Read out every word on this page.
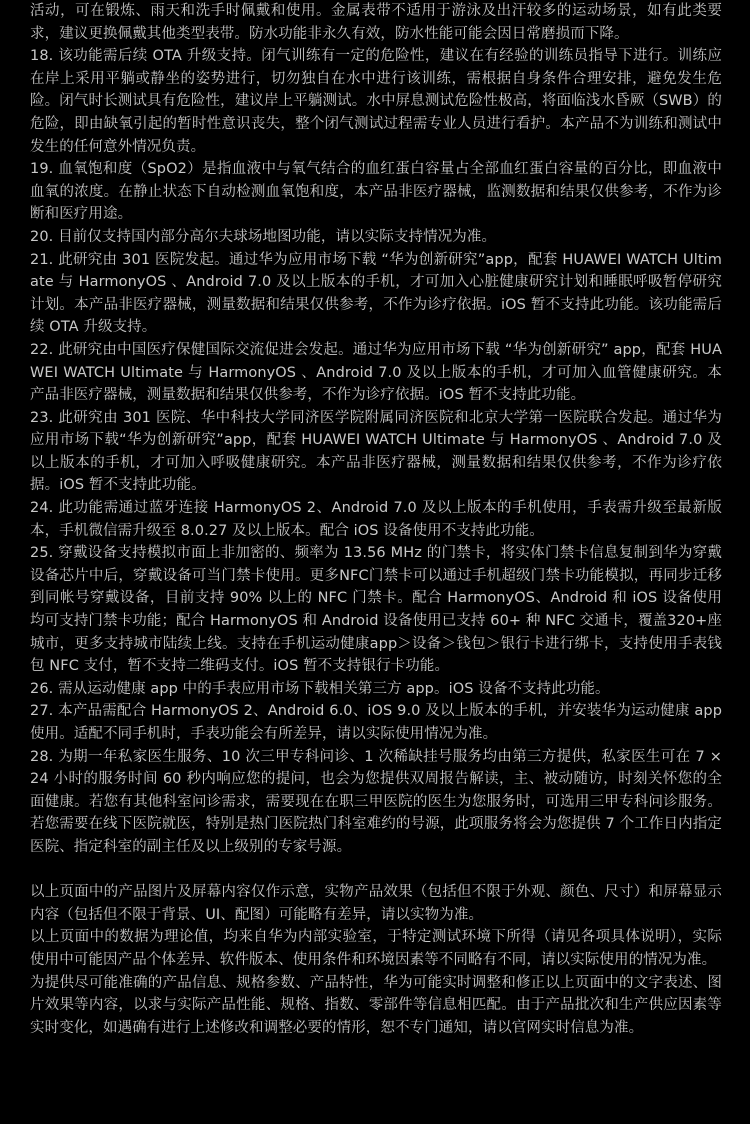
活动，可在锻炼、雨天和洗手时佩戴和使用。金属表带不适用于游泳及出汗较多的运动场景，如有此类要求，建议更换佩戴其他类型表带。防水功能非永久有效，防水性能可能会因日常磨损而下降。

18. 该功能需后续 OTA 升级支持。闭气训练有一定的危险性，建议在有经验的训练员指导下进行。训练应在岸上采用平躺或静坐的姿势进行，切勿独自在水中进行该训练，需根据自身条件合理安排，避免发生危险。闭气时长测试具有危险性，建议岸上平躺测试。水中屏息测试危险性极高，将面临浅水昏厥（SWB）的危险，即由缺氧引起的暂时性意识丧失，整个闭气测试过程需专业人员进行看护。本产品不为训练和测试中发生的任何意外情况负责。

19. 血氧饱和度（SpO2）是指血液中与氧气结合的血红蛋白容量占全部血红蛋白容量的百分比，即血液中血氧的浓度。在静止状态下自动检测血氧饱和度，本产品非医疗器械，监测数据和结果仅供参考，不作为诊断和医疗用途。

20. 目前仅支持国内部分高尔夫球场地图功能，请以实际支持情况为准。

21. 此研究由 301 医院发起。通过华为应用市场下载 “华为创新研究”app，配套 HUAWEI WATCH Ultimate 与 HarmonyOS 、Android 7.0 及以上版本的手机，才可加入心脏健康研究计划和睡眠呼吸暂停研究计划。本产品非医疗器械，测量数据和结果仅供参考，不作为诊疗依据。iOS 暂不支持此功能。该功能需后续 OTA 升级支持。

22. 此研究由中国医疗保健国际交流促进会发起。通过华为应用市场下载 “华为创新研究” app，配套 HUAWEI WATCH Ultimate 与 HarmonyOS 、Android 7.0 及以上版本的手机，才可加入血管健康研究。本产品非医疗器械，测量数据和结果仅供参考，不作为诊疗依据。iOS 暂不支持此功能。

23. 此研究由 301 医院、华中科技大学同济医学院附属同济医院和北京大学第一医院联合发起。通过华为应用市场下载“华为创新研究”app，配套 HUAWEI WATCH Ultimate 与 HarmonyOS 、Android 7.0 及以上版本的手机，才可加入呼吸健康研究。本产品非医疗器械，测量数据和结果仅供参考，不作为诊疗依据。iOS 暂不支持此功能。

24. 此功能需通过蓝牙连接 HarmonyOS 2、Android 7.0 及以上版本的手机使用，手表需升级至最新版本，手机微信需升级至 8.0.27 及以上版本。配合 iOS 设备使用不支持此功能。

25. 穿戴设备支持模拟市面上非加密的、频率为 13.56 MHz 的门禁卡，将实体门禁卡信息复制到华为穿戴设备芯片中后，穿戴设备可当门禁卡使用。更多NFC门禁卡可以通过手机超级门禁卡功能模拟，再同步迁移到同帐号穿戴设备，目前支持 90% 以上的 NFC 门禁卡。配合 HarmonyOS、Android 和 iOS 设备使用均可支持门禁卡功能；配合 HarmonyOS 和 Android 设备使用已支持 60+ 种 NFC 交通卡，覆盖320+座城市，更多支持城市陆续上线。支持在手机运动健康app＞设备＞钱包＞银行卡进行绑卡，支持使用手表钱包 NFC 支付，暂不支持二维码支付。iOS 暂不支持银行卡功能。

26. 需从运动健康 app 中的手表应用市场下载相关第三方 app。iOS 设备不支持此功能。

27. 本产品需配合 HarmonyOS 2、Android 6.0、iOS 9.0 及以上版本的手机，并安装华为运动健康 app 使用。适配不同手机时，手表功能会有所差异，请以实际使用情况为准。

28. 为期一年私家医生服务、10 次三甲专科问诊、1 次稀缺挂号服务均由第三方提供，私家医生可在 7 × 24 小时的服务时间 60 秒内响应您的提问，也会为您提供双周报告解读，主、被动随访，时刻关怀您的全面健康。若您有其他科室问诊需求，需要现在在职三甲医院的医生为您服务时，可选用三甲专科问诊服务。若您需要在线下医院就医，特别是热门医院热门科室难约的号源，此项服务将会为您提供 7 个工作日内指定医院、指定科室的副主任及以上级别的专家号源。

以上页面中的产品图片及屏幕内容仅作示意，实物产品效果（包括但不限于外观、颜色、尺寸）和屏幕显示内容（包括但不限于背景、UI、配图）可能略有差异，请以实物为准。

以上页面中的数据为理论值，均来自华为内部实验室，于特定测试环境下所得（请见各项具体说明），实际使用中可能因产品个体差异、软件版本、使用条件和环境因素等不同略有不同，请以实际使用的情况为准。

为提供尽可能准确的产品信息、规格参数、产品特性，华为可能实时调整和修正以上页面中的文字表述、图片效果等内容，以求与实际产品性能、规格、指数、零部件等信息相匹配。由于产品批次和生产供应因素等实时变化，如遇确有进行上述修改和调整必要的情形，恕不专门通知，请以官网实时信息为准。
